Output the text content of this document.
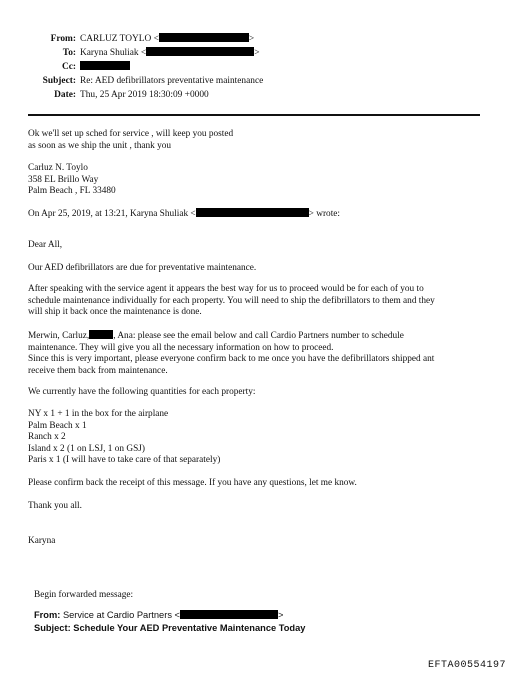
From: CARLUZ TOYLO <	>
To: Karyna Shuliak <	>
Cc:
Subject: Re: AED defibrillators preventative maintenance
Date: Thu, 25 Apr 2019 18:30:09 +0000
Ok we'll set up sched for service , will keep you posted
as soon as we ship the unit , thank you
Carluz N. Toylo
358 EL Brillo Way
Palm Beach , FL 33480
On Apr 25, 2019, at 13:21, Karyna Shuliak <	> wrote:
Dear All,
Our AED defibrillators are due for preventative maintenance.
After speaking with the service agent it appears the best way for us to proceed would be for each of you to
schedule maintenance individually for each property. You will need to ship the defibrillators to them and they
will ship it back once the maintenance is done.
Merwin, Carluz,	, Ana: please see the email below and call Cardio Partners number to schedule
maintenance. They will give you all the necessary information on how to proceed.
Since this is very important, please everyone confirm back to me once you have the defibrillators shipped ant
receive them back from maintenance.
We currently have the following quantities for each property:
NY x 1 + 1 in the box for the airplane
Palm Beach x 1
Ranch x 2
Island x 2 (1 on LSJ, 1 on GSJ)
Paris x 1 (I will have to take care of that separately)
Please confirm back the receipt of this message. If you have any questions, let me know.
Thank you all.
Karyna
Begin forwarded message:
From: Service at Cardio Partners <	>
Subject: Schedule Your AED Preventative Maintenance Today
EFTA00554197
